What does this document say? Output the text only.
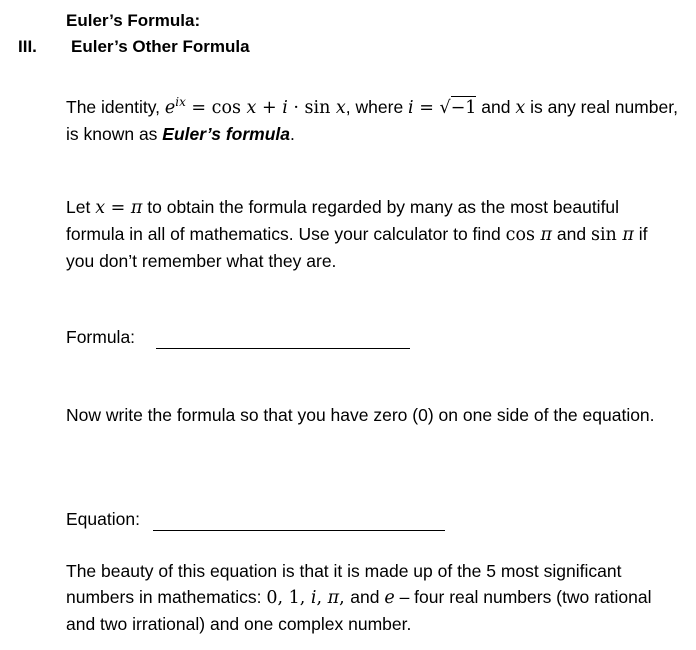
Euler’s Formula:
III. Euler’s Other Formula
The identity, $e^{ix} = \cos x + i \cdot \sin x$, where i = √−1 and x is any real number, is known as Euler’s formula.
Let x = π to obtain the formula regarded by many as the most beautiful formula in all of mathematics. Use your calculator to find cos π and sin π if you don’t remember what they are.
Formula:
Now write the formula so that you have zero (0) on one side of the equation.
Equation:
The beauty of this equation is that it is made up of the 5 most significant numbers in mathematics: 0, 1, i, π, and e – four real numbers (two rational and two irrational) and one complex number.
